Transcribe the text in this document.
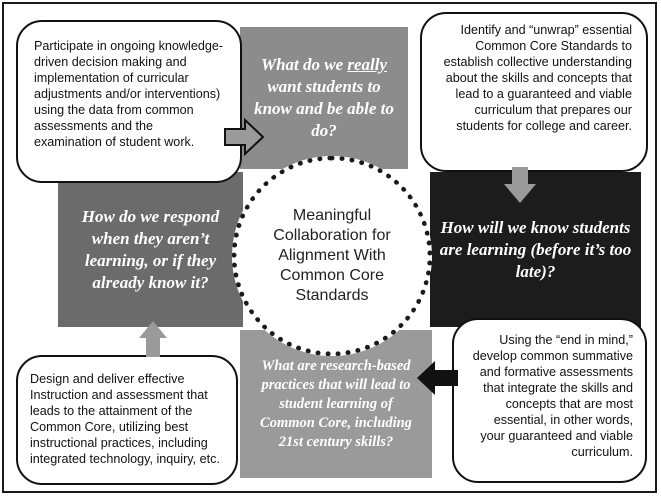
What do we really want students to know and be able to do?
How will we know students are learning (before it’s too late)?
What are research-based practices that will lead to student learning of Common Core, including 21st century skills?
How do we respond when they aren’t learning, or if they already know it?
Meaningful Collaboration for Alignment With Common Core Standards
Participate in ongoing knowledge-driven decision making and implementation of curricular adjustments and/or interventions) using the data from common assessments and the examination of student work.
Identify and “unwrap” essential Common Core Standards to establish collective understanding about the skills and concepts that lead to a guaranteed and viable curriculum that prepares our students for college and career.
Design and deliver effective Instruction and assessment that leads to the attainment of the Common Core, utilizing best instructional practices, including integrated technology, inquiry, etc.
Using the “end in mind,” develop common summative and formative assessments that integrate the skills and concepts that are most essential, in other words, your guaranteed and viable curriculum.
